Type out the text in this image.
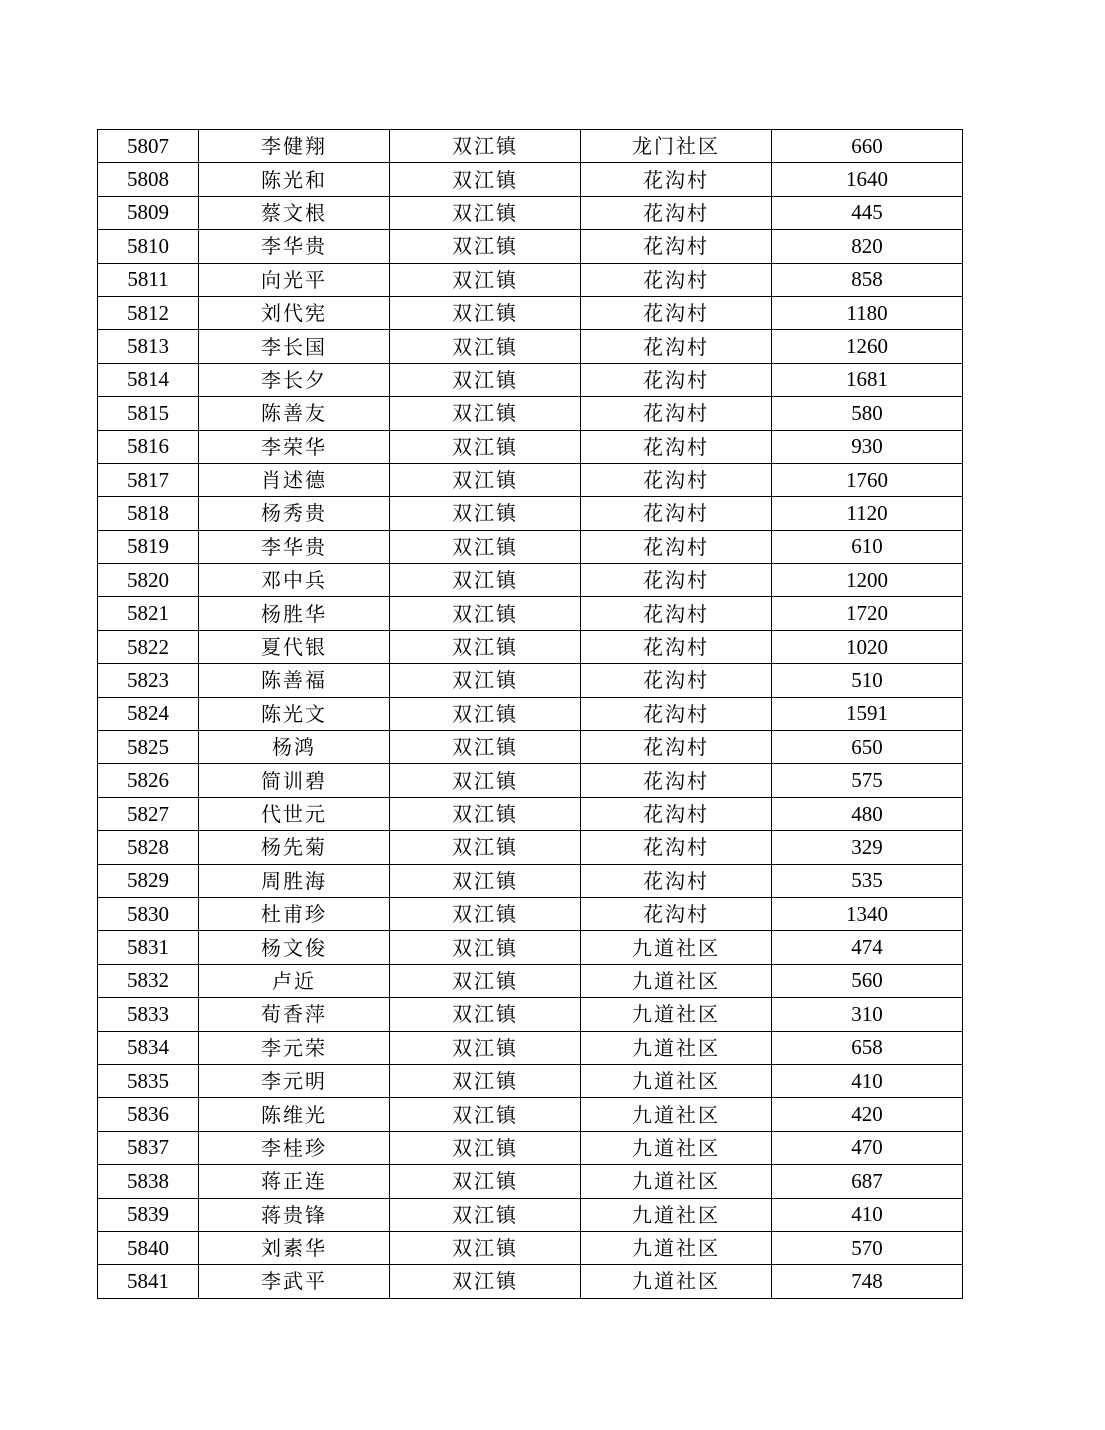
5807	李健翔	双江镇	龙门社区	660
5808	陈光和	双江镇	花沟村	1640
5809	蔡文根	双江镇	花沟村	445
5810	李华贵	双江镇	花沟村	820
5811	向光平	双江镇	花沟村	858
5812	刘代宪	双江镇	花沟村	1180
5813	李长国	双江镇	花沟村	1260
5814	李长夕	双江镇	花沟村	1681
5815	陈善友	双江镇	花沟村	580
5816	李荣华	双江镇	花沟村	930
5817	肖述德	双江镇	花沟村	1760
5818	杨秀贵	双江镇	花沟村	1120
5819	李华贵	双江镇	花沟村	610
5820	邓中兵	双江镇	花沟村	1200
5821	杨胜华	双江镇	花沟村	1720
5822	夏代银	双江镇	花沟村	1020
5823	陈善福	双江镇	花沟村	510
5824	陈光文	双江镇	花沟村	1591
5825	杨鸿	双江镇	花沟村	650
5826	简训碧	双江镇	花沟村	575
5827	代世元	双江镇	花沟村	480
5828	杨先菊	双江镇	花沟村	329
5829	周胜海	双江镇	花沟村	535
5830	杜甫珍	双江镇	花沟村	1340
5831	杨文俊	双江镇	九道社区	474
5832	卢近	双江镇	九道社区	560
5833	荀香萍	双江镇	九道社区	310
5834	李元荣	双江镇	九道社区	658
5835	李元明	双江镇	九道社区	410
5836	陈维光	双江镇	九道社区	420
5837	李桂珍	双江镇	九道社区	470
5838	蒋正连	双江镇	九道社区	687
5839	蒋贵锋	双江镇	九道社区	410
5840	刘素华	双江镇	九道社区	570
5841	李武平	双江镇	九道社区	748
